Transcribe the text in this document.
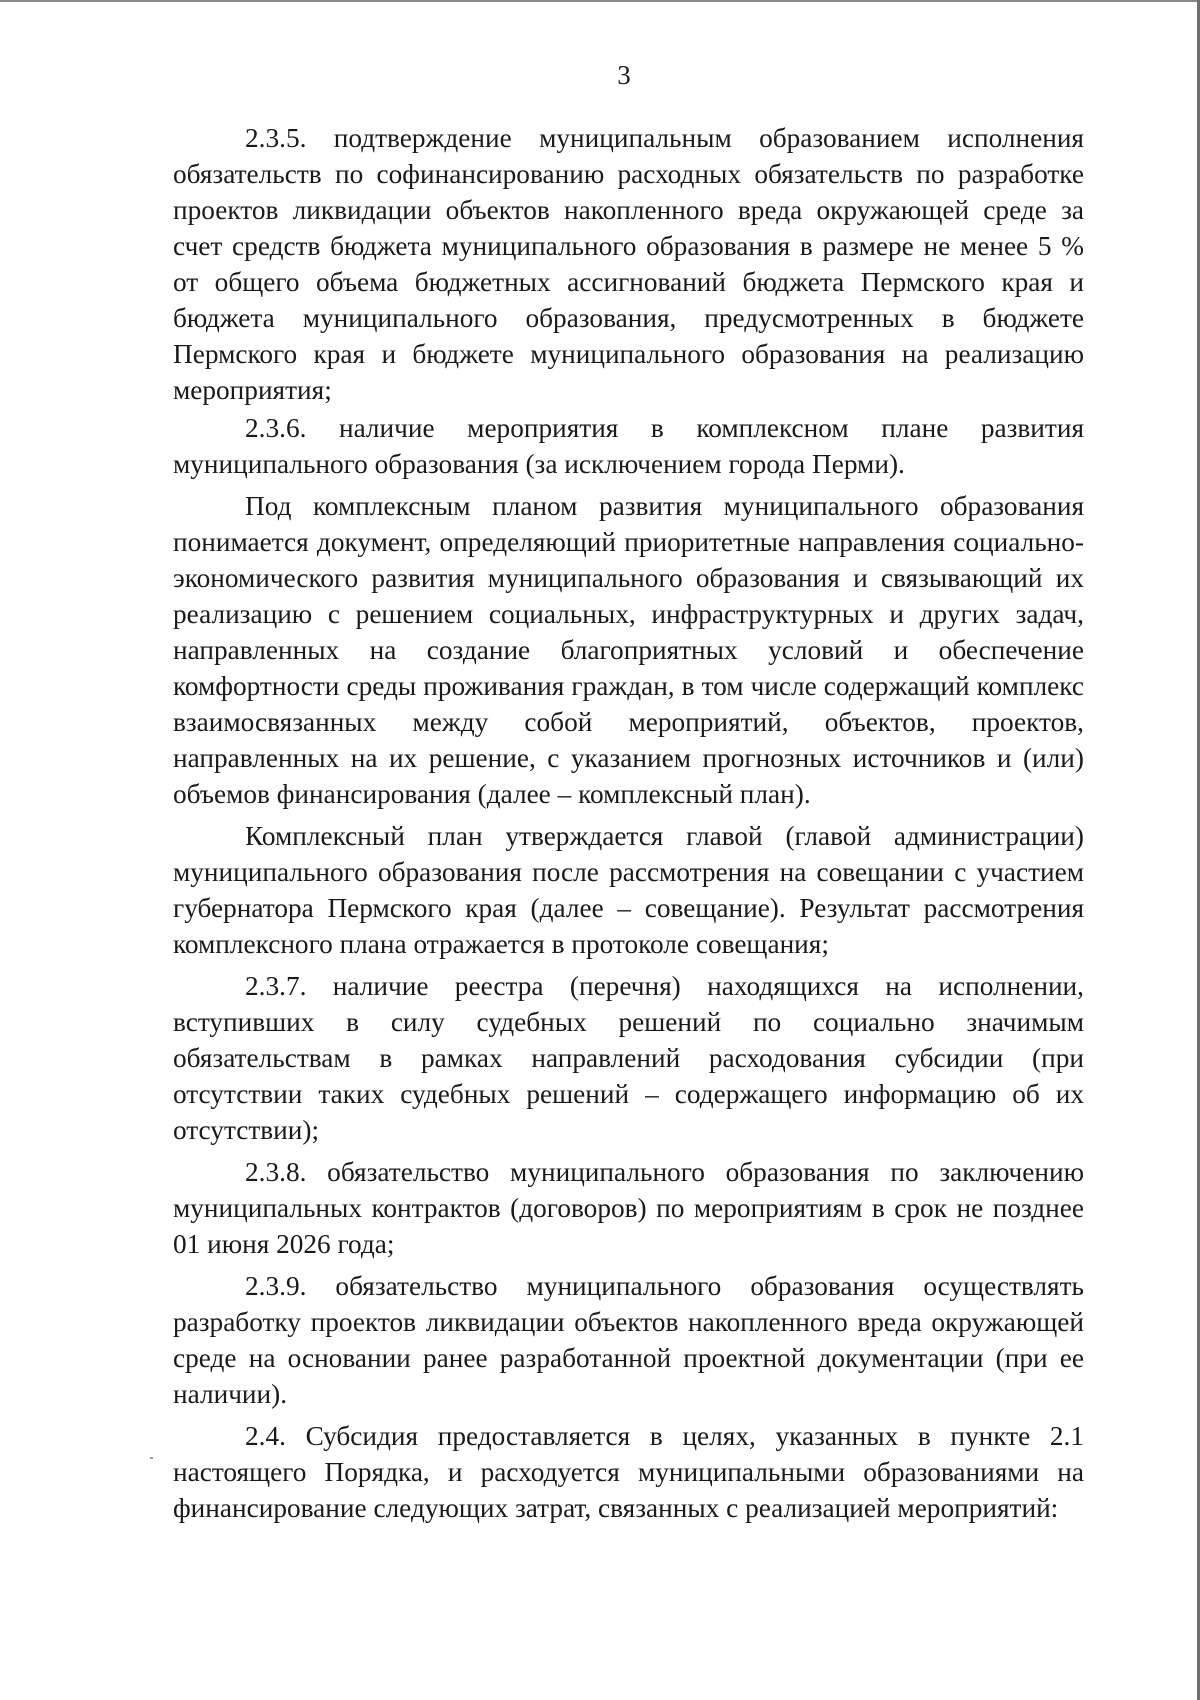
3

2.3.5. подтверждение муниципальным образованием исполнения обязательств по софинансированию расходных обязательств по разработке проектов ликвидации объектов накопленного вреда окружающей среде за счет средств бюджета муниципального образования в размере не менее 5 % от общего объема бюджетных ассигнований бюджета Пермского края и бюджета муниципального образования, предусмотренных в бюджете Пермского края и бюджете муниципального образования на реализацию мероприятия;

2.3.6. наличие мероприятия в комплексном плане развития муниципального образования (за исключением города Перми).

Под комплексным планом развития муниципального образования понимается документ, определяющий приоритетные направления социально-экономического развития муниципального образования и связывающий их реализацию с решением социальных, инфраструктурных и других задач, направленных на создание благоприятных условий и обеспечение комфортности среды проживания граждан, в том числе содержащий комплекс взаимосвязанных между собой мероприятий, объектов, проектов, направленных на их решение, с указанием прогнозных источников и (или) объемов финансирования (далее – комплексный план).

Комплексный план утверждается главой (главой администрации) муниципального образования после рассмотрения на совещании с участием губернатора Пермского края (далее – совещание). Результат рассмотрения комплексного плана отражается в протоколе совещания;

2.3.7. наличие реестра (перечня) находящихся на исполнении, вступивших в силу судебных решений по социально значимым обязательствам в рамках направлений расходования субсидии (при отсутствии таких судебных решений – содержащего информацию об их отсутствии);

2.3.8. обязательство муниципального образования по заключению муниципальных контрактов (договоров) по мероприятиям в срок не позднее 01 июня 2026 года;

2.3.9. обязательство муниципального образования осуществлять разработку проектов ликвидации объектов накопленного вреда окружающей среде на основании ранее разработанной проектной документации (при ее наличии).

2.4. Субсидия предоставляется в целях, указанных в пункте 2.1 настоящего Порядка, и расходуется муниципальными образованиями на финансирование следующих затрат, связанных с реализацией мероприятий:
